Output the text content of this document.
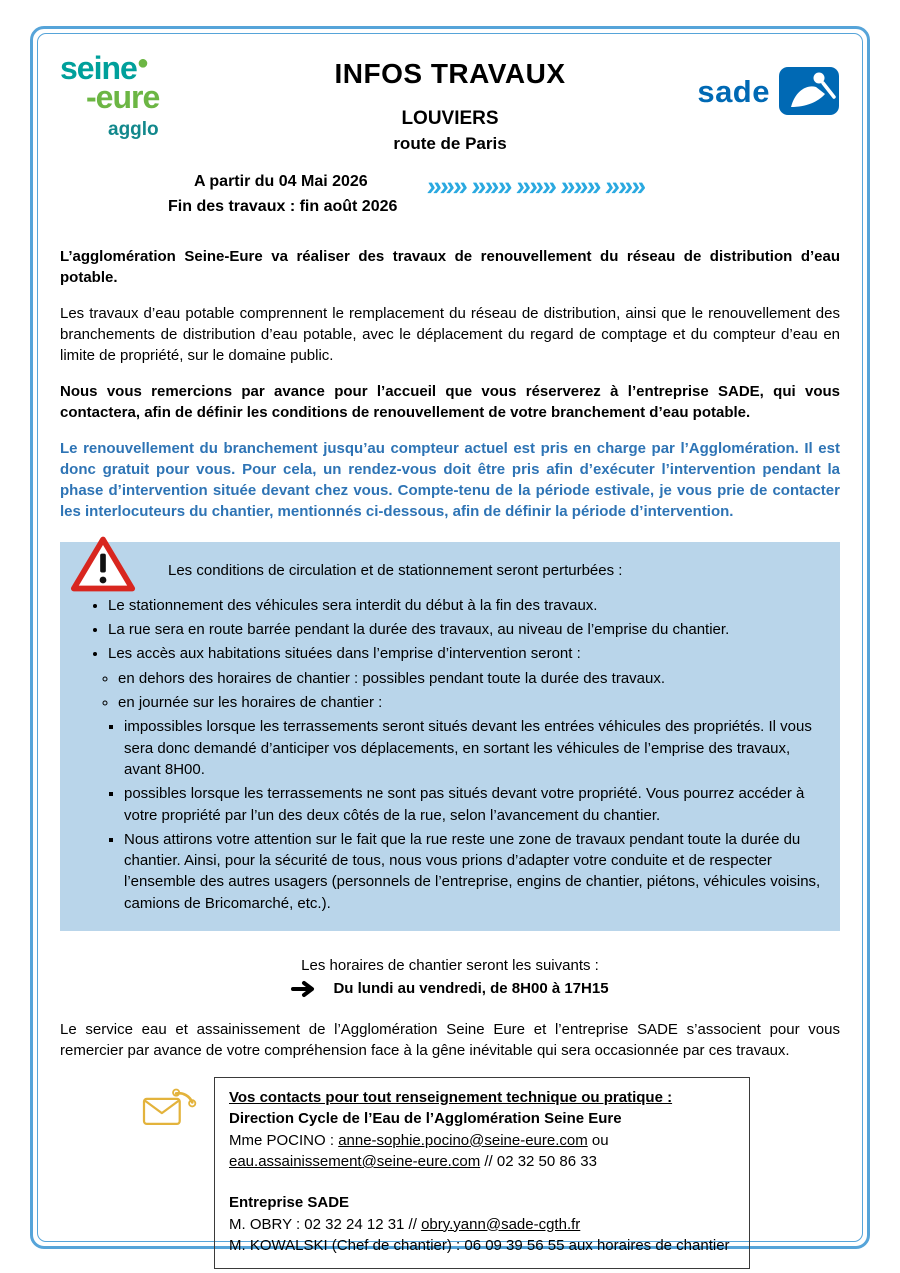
seine●
-eure
agglo
INFOS TRAVAUX
LOUVIERS
route de Paris
sade
A partir du 04 Mai 2026
Fin des travaux : fin août 2026
»»» »»» »»» »»» »»»

L’agglomération Seine-Eure va réaliser des travaux de renouvellement du réseau de distribution d’eau potable.

Les travaux d’eau potable comprennent le remplacement du réseau de distribution, ainsi que le renouvellement des branchements de distribution d’eau potable, avec le déplacement du regard de comptage et du compteur d’eau en limite de propriété, sur le domaine public.

Nous vous remercions par avance pour l’accueil que vous réserverez à l’entreprise SADE, qui vous contactera, afin de définir les conditions de renouvellement de votre branchement d’eau potable.

Le renouvellement du branchement jusqu’au compteur actuel est pris en charge par l’Agglomération. Il est donc gratuit pour vous. Pour cela, un rendez-vous doit être pris afin d’exécuter l’intervention pendant la phase d’intervention située devant chez vous. Compte-tenu de la période estivale, je vous prie de contacter les interlocuteurs du chantier, mentionnés ci-dessous, afin de définir la période d’intervention.

Les conditions de circulation et de stationnement seront perturbées :
• Le stationnement des véhicules sera interdit du début à la fin des travaux.
• La rue sera en route barrée pendant la durée des travaux, au niveau de l’emprise du chantier.
• Les accès aux habitations situées dans l’emprise d’intervention seront :
◦ en dehors des horaires de chantier : possibles pendant toute la durée des travaux.
◦ en journée sur les horaires de chantier :
▪ impossibles lorsque les terrassements seront situés devant les entrées véhicules des propriétés. Il vous sera donc demandé d’anticiper vos déplacements, en sortant les véhicules de l’emprise des travaux, avant 8H00.
▪ possibles lorsque les terrassements ne sont pas situés devant votre propriété. Vous pourrez accéder à votre propriété par l’un des deux côtés de la rue, selon l’avancement du chantier.
▪ Nous attirons votre attention sur le fait que la rue reste une zone de travaux pendant toute la durée du chantier. Ainsi, pour la sécurité de tous, nous vous prions d’adapter votre conduite et de respecter l’ensemble des autres usagers (personnels de l’entreprise, engins de chantier, piétons, véhicules voisins, camions de Bricomarché, etc.).
Les horaires de chantier seront les suivants :
Du lundi au vendredi, de 8H00 à 17H15

Le service eau et assainissement de l’Agglomération Seine Eure et l’entreprise SADE s’associent pour vous remercier par avance de votre compréhension face à la gêne inévitable qui sera occasionnée par ces travaux.

Vos contacts pour tout renseignement technique ou pratique :
Direction Cycle de l’Eau de l’Agglomération Seine Eure
Mme POCINO : anne-sophie.pocino@seine-eure.com ou
eau.assainissement@seine-eure.com // 02 32 50 86 33
Entreprise SADE
M. OBRY : 02 32 24 12 31 // obry.yann@sade-cgth.fr
M. KOWALSKI (Chef de chantier) : 06 09 39 56 55 aux horaires de chantier
